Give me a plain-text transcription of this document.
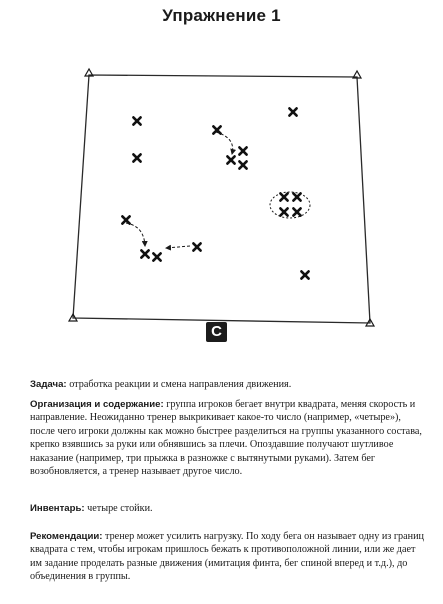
Упражнение 1
C
Задача: отработка реакции и смена направления движения.
Организация и содержание: группа игроков бегает внутри квадрата, меняя скорость и направление. Неожиданно тренер выкрикивает какое-то число (например, «четыре»), после чего игроки должны как можно быстрее разделиться на группы указанного состава, крепко взявшись за руки или обнявшись за плечи. Опоздавшие получают шутливое наказание (например, три прыжка в разножке с вытянутыми руками). Затем бег возобновляется, а тренер называет другое число.
Инвентарь: четыре стойки.
Рекомендации: тренер может усилить нагрузку. По ходу бега он называет одну из границ квадрата с тем, чтобы игрокам пришлось бежать к противоположной линии, или же дает им задание проделать разные движения (имитация финта, бег спиной вперед и т.д.), до объединения в группы.
